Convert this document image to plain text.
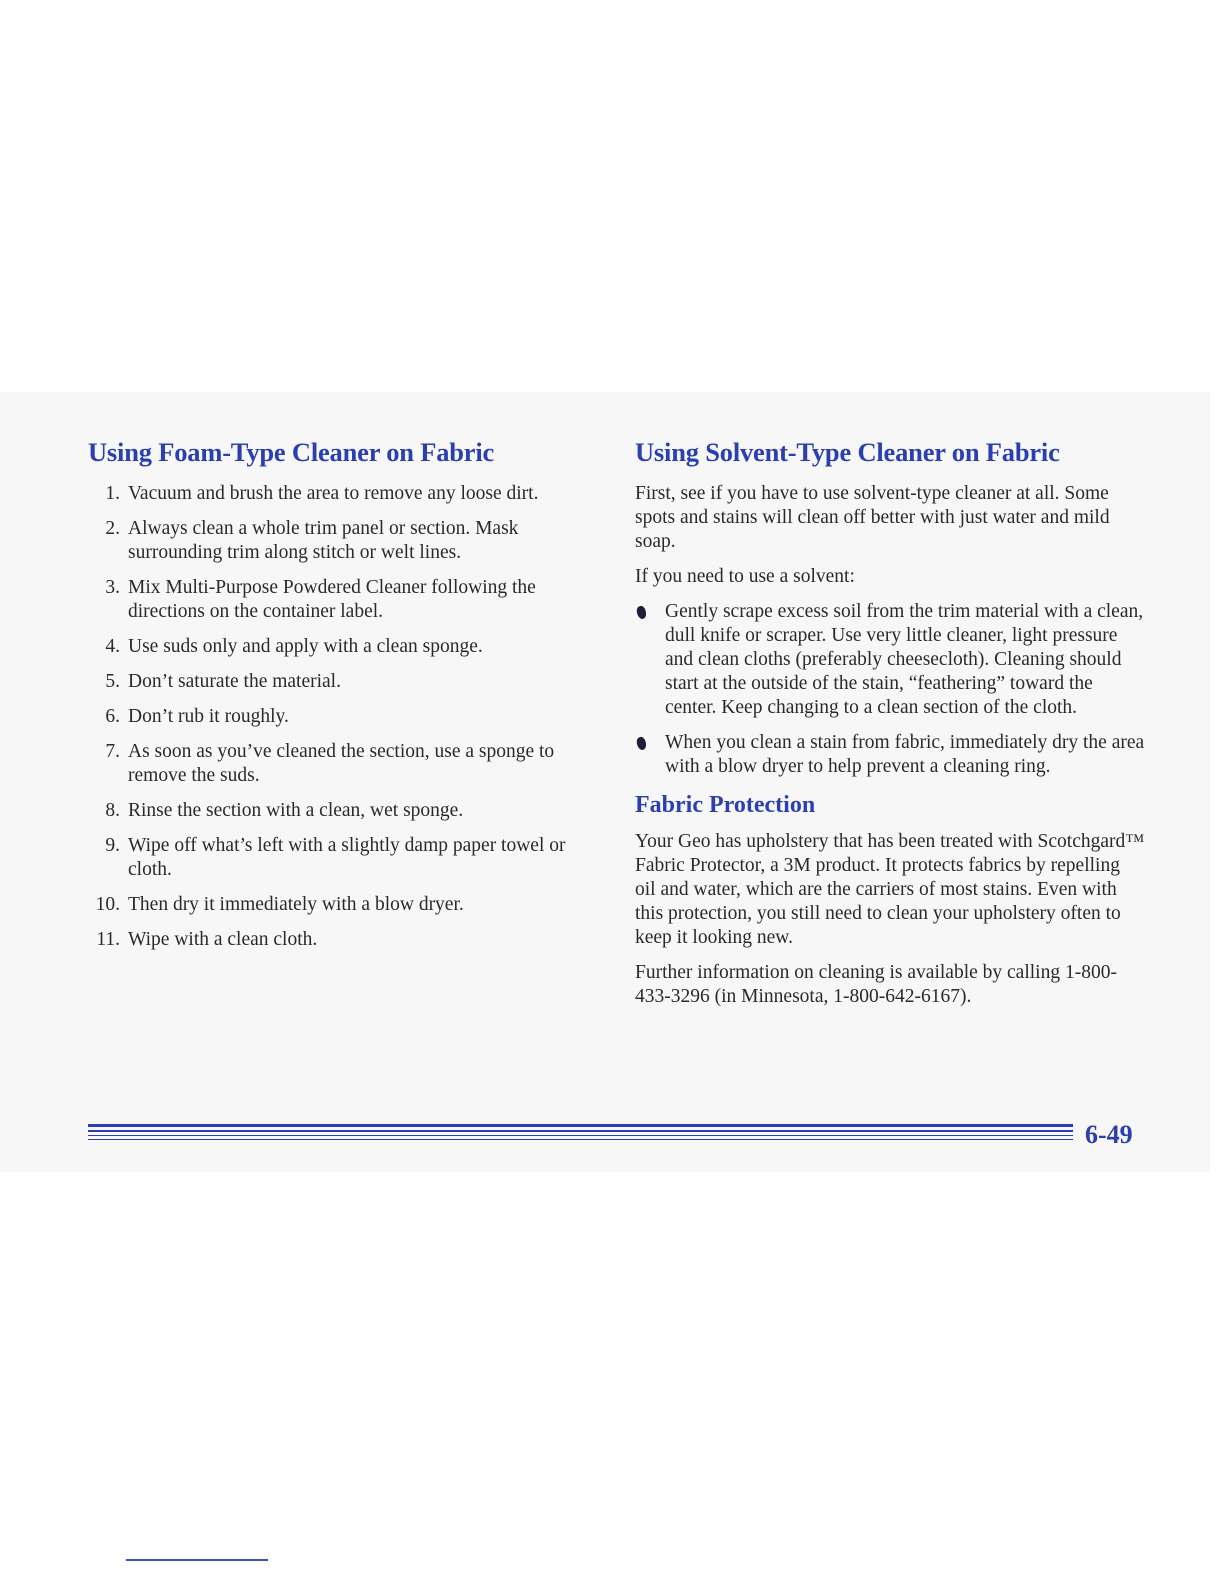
Using Foam-Type Cleaner on Fabric
1. Vacuum and brush the area to remove any loose dirt.
2. Always clean a whole trim panel or section. Mask surrounding trim along stitch or welt lines.
3. Mix Multi-Purpose Powdered Cleaner following the directions on the container label.
4. Use suds only and apply with a clean sponge.
5. Don’t saturate the material.
6. Don’t rub it roughly.
7. As soon as you’ve cleaned the section, use a sponge to remove the suds.
8. Rinse the section with a clean, wet sponge.
9. Wipe off what’s left with a slightly damp paper towel or cloth.
10. Then dry it immediately with a blow dryer.
11. Wipe with a clean cloth.
Using Solvent-Type Cleaner on Fabric

First, see if you have to use solvent-type cleaner at all. Some spots and stains will clean off better with just water and mild soap.

If you need to use a solvent:

Gently scrape excess soil from the trim material with a clean, dull knife or scraper. Use very little cleaner, light pressure and clean cloths (preferably cheesecloth). Cleaning should start at the outside of the stain, “feathering” toward the center. Keep changing to a clean section of the cloth.
When you clean a stain from fabric, immediately dry the area with a blow dryer to help prevent a cleaning ring.
Fabric Protection

Your Geo has upholstery that has been treated with Scotchgard™ Fabric Protector, a 3M product. It protects fabrics by repelling oil and water, which are the carriers of most stains. Even with this protection, you still need to clean your upholstery often to keep it looking new.

Further information on cleaning is available by calling 1-800-433-3296 (in Minnesota, 1-800-642-6167).

6-49
